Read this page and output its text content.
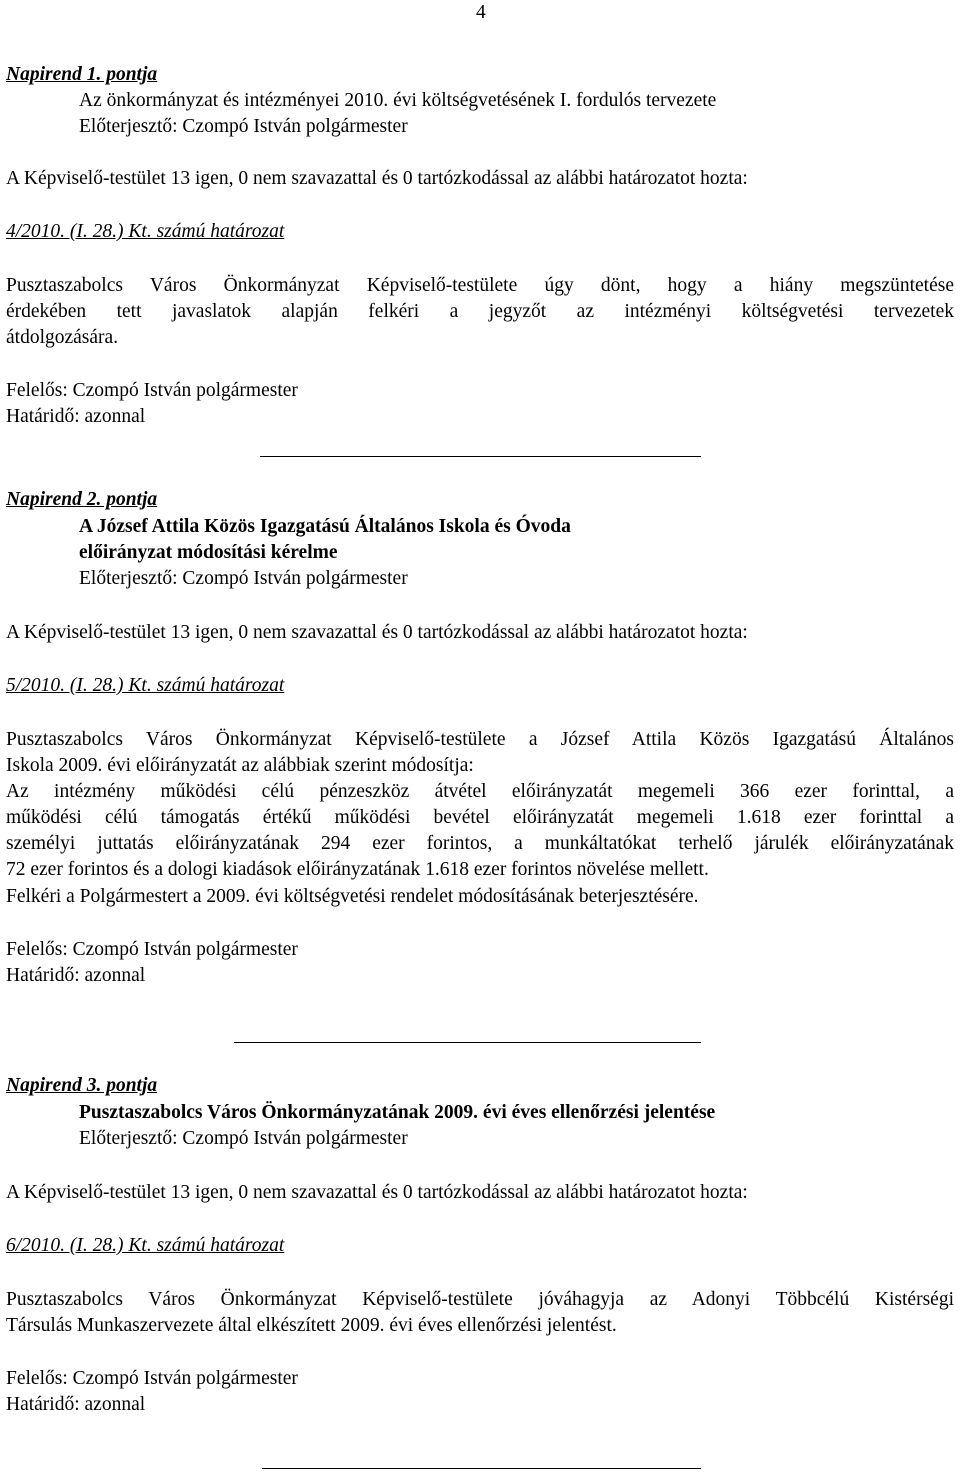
4
Napirend 1. pontja
Az önkormányzat és intézményei 2010. évi költségvetésének I. fordulós tervezete
Előterjesztő: Czompó István polgármester
A Képviselő-testület 13 igen, 0 nem szavazattal és 0 tartózkodással az alábbi határozatot hozta:
4/2010. (I. 28.) Kt. számú határozat
Pusztaszabolcs Város Önkormányzat Képviselő-testülete úgy dönt, hogy a hiány megszüntetése
érdekében tett javaslatok alapján felkéri a jegyzőt az intézményi költségvetési tervezetek
átdolgozására.
Felelős: Czompó István polgármester
Határidő: azonnal
Napirend 2. pontja
A József Attila Közös Igazgatású Általános Iskola és Óvoda
előirányzat módosítási kérelme
Előterjesztő: Czompó István polgármester
A Képviselő-testület 13 igen, 0 nem szavazattal és 0 tartózkodással az alábbi határozatot hozta:
5/2010. (I. 28.) Kt. számú határozat
Pusztaszabolcs Város Önkormányzat Képviselő-testülete a József Attila Közös Igazgatású Általános
Iskola 2009. évi előirányzatát az alábbiak szerint módosítja:
Az intézmény működési célú pénzeszköz átvétel előirányzatát megemeli 366 ezer forinttal, a
működési célú támogatás értékű működési bevétel előirányzatát megemeli 1.618 ezer forinttal a
személyi juttatás előirányzatának 294 ezer forintos, a munkáltatókat terhelő járulék előirányzatának
72 ezer forintos és a dologi kiadások előirányzatának 1.618 ezer forintos növelése mellett.
Felkéri a Polgármestert a 2009. évi költségvetési rendelet módosításának beterjesztésére.
Felelős: Czompó István polgármester
Határidő: azonnal
Napirend 3. pontja
Pusztaszabolcs Város Önkormányzatának 2009. évi éves ellenőrzési jelentése
Előterjesztő: Czompó István polgármester
A Képviselő-testület 13 igen, 0 nem szavazattal és 0 tartózkodással az alábbi határozatot hozta:
6/2010. (I. 28.) Kt. számú határozat
Pusztaszabolcs Város Önkormányzat Képviselő-testülete jóváhagyja az Adonyi Többcélú Kistérségi
Társulás Munkaszervezete által elkészített 2009. évi éves ellenőrzési jelentést.
Felelős: Czompó István polgármester
Határidő: azonnal
